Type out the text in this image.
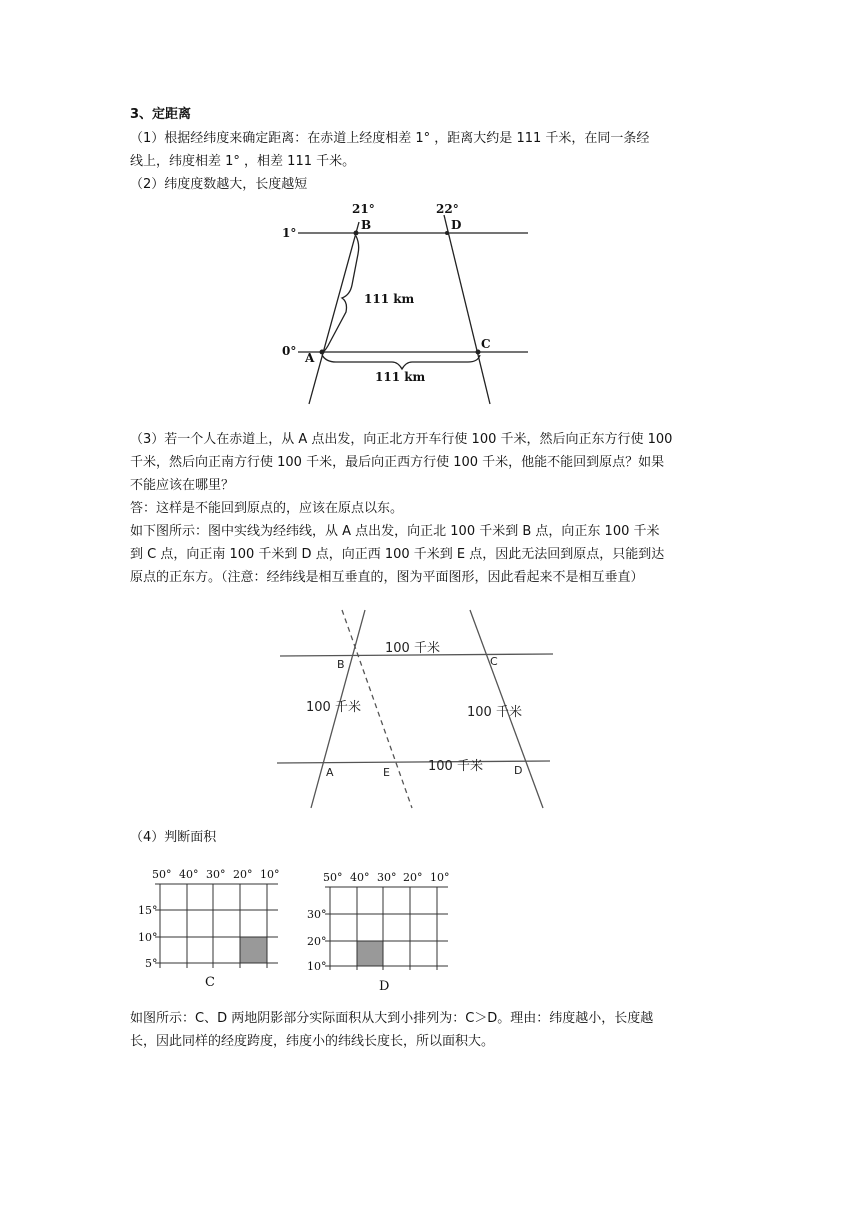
3、定距离
（1）根据经纬度来确定距离：在赤道上经度相差 1° ，距离大约是 111 千米，在同一条经
线上，纬度相差 1° ，相差 111 千米。
（2）纬度度数越大，长度越短
21°	22°
1°
0°
B	D
A
C
111 km
111 km
（3）若一个人在赤道上，从 A 点出发，向正北方开车行使 100 千米，然后向正东方行使 100
千米，然后向正南方行使 100 千米，最后向正西方行使 100 千米，他能不能回到原点？如果
不能应该在哪里？
答：这样是不能回到原点的，应该在原点以东。
如下图所示：图中实线为经纬线，从 A 点出发，向正北 100 千米到 B 点，向正东 100 千米
到 C 点，向正南 100 千米到 D 点，向正西 100 千米到 E 点，因此无法回到原点，只能到达
原点的正东方。（注意：经纬线是相互垂直的，图为平面图形，因此看起来不是相互垂直）
B	C
A	E	D
100 千米
100 千米	100 千米
100 千米
（4）判断面积
50° 40° 30° 20° 10°
15°
10°
5°
C
50° 40° 30° 20° 10°
30°
20°
10°
D
如图所示：C、D 两地阴影部分实际面积从大到小排列为：C＞D。理由：纬度越小，长度越
长，因此同样的经度跨度，纬度小的纬线长度长，所以面积大。
